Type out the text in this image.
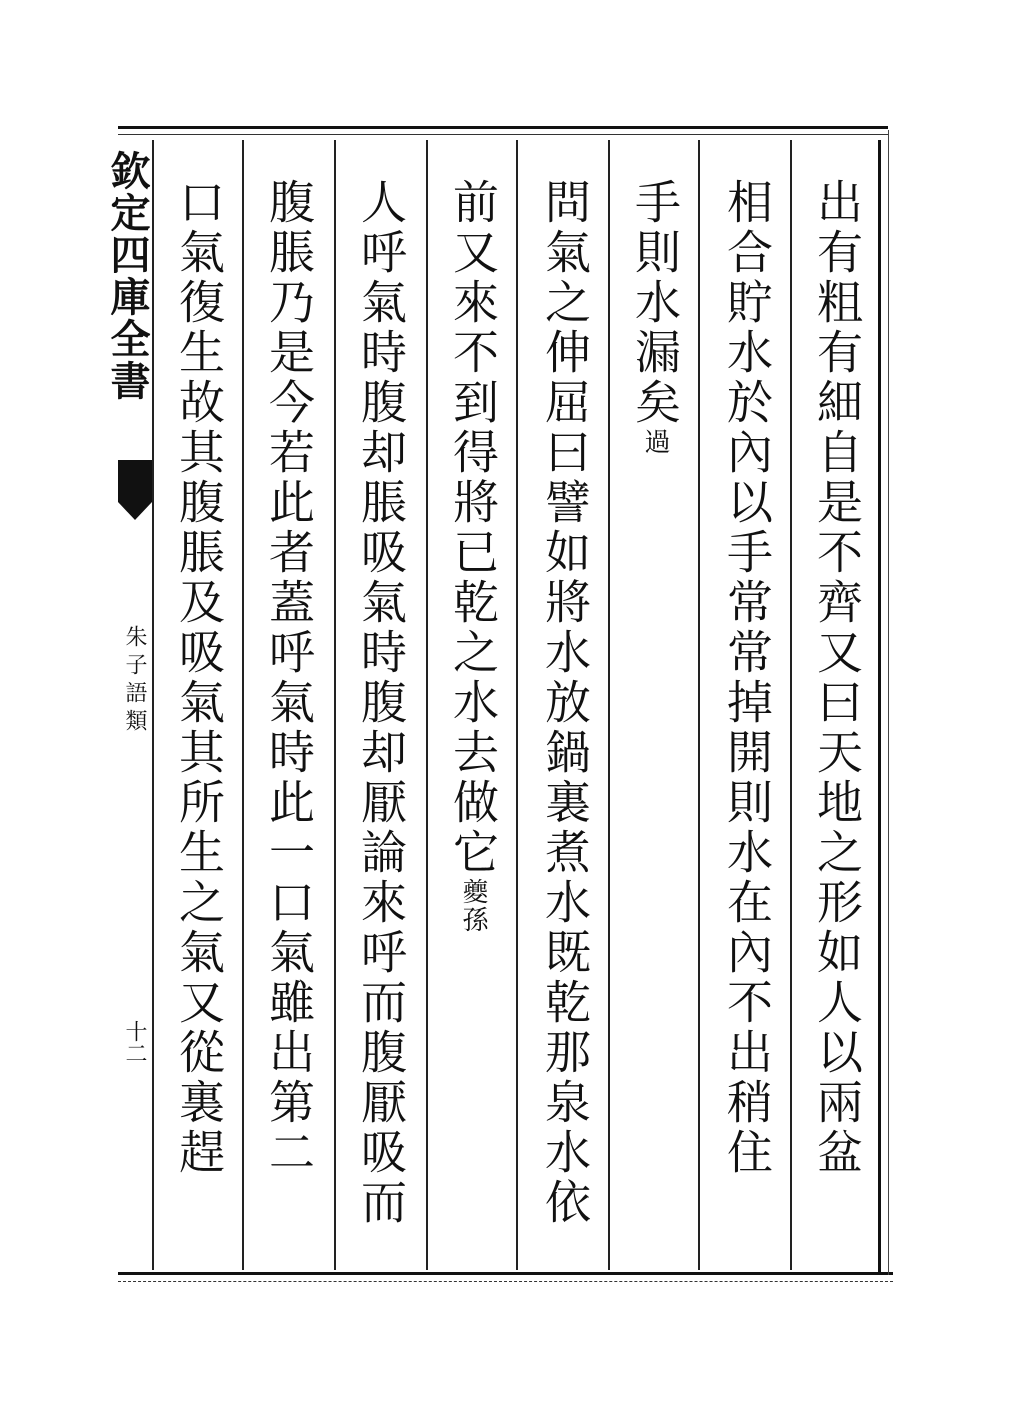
欽定四庫全書
朱子語類
十二	出有粗有細自是不齊又曰天地之形如人以兩盆
相合貯水於內以手常常掉開則水在內不出稍住
手則水漏矣過
問氣之伸屈曰譬如將水放鍋裏煮水既乾那泉水依
前又來不到得將已乾之水去做它夔孫
人呼氣時腹却脹吸氣時腹却厭論來呼而腹厭吸而
腹脹乃是今若此者蓋呼氣時此一口氣雖出第二
口氣復生故其腹脹及吸氣其所生之氣又從裏趕
